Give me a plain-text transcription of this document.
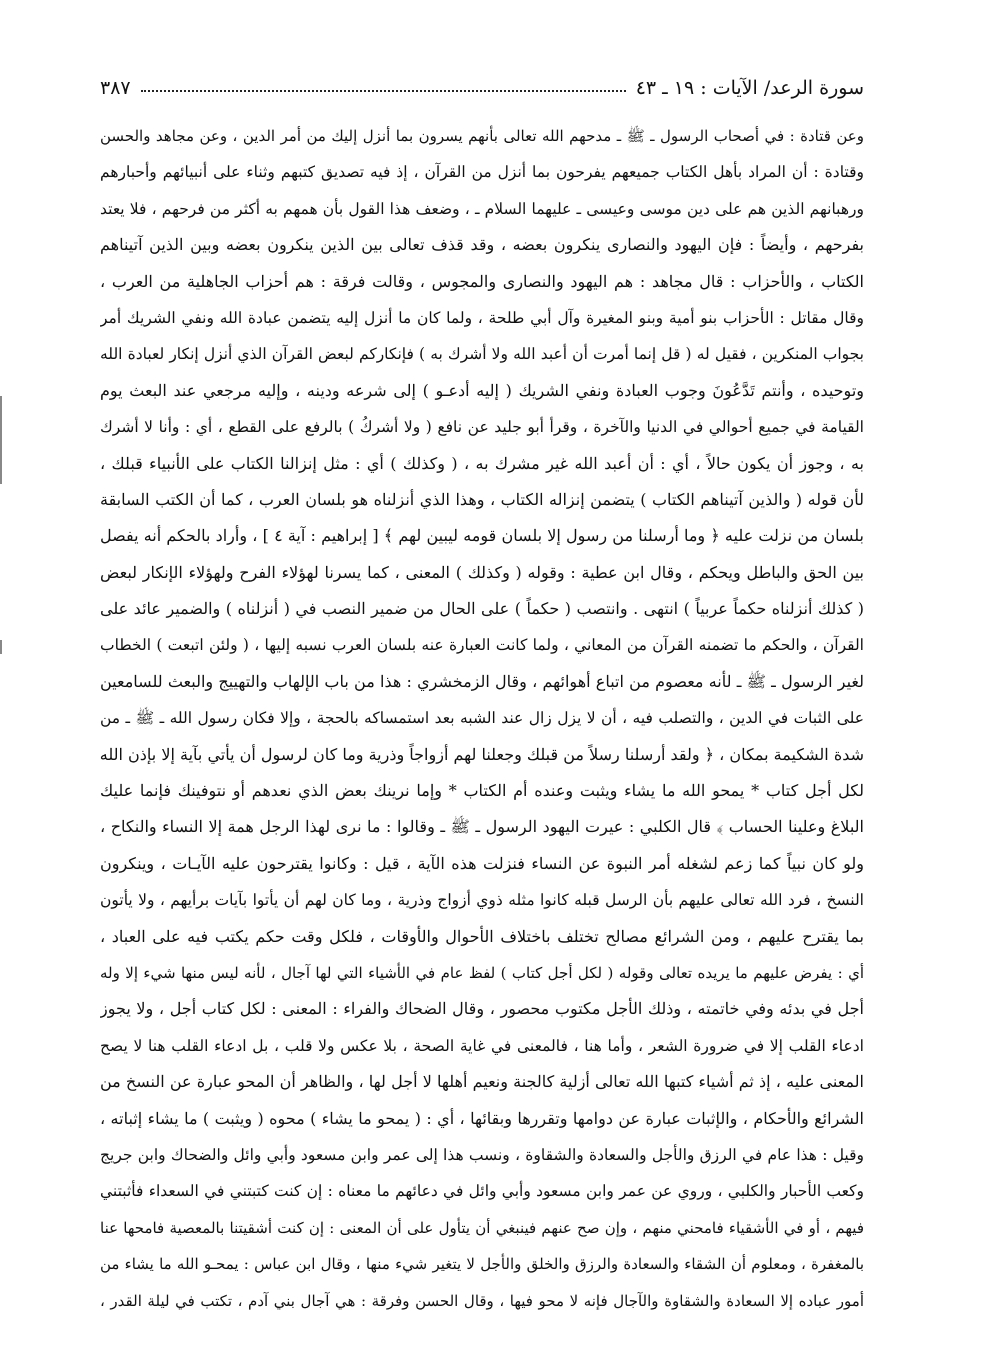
سورة الرعد/ الآيات : ١٩ ـ ٤٣
٣٨٧
وعن قتادة : في أصحاب الرسول ـ ﷺ ـ مدحهم الله تعالى بأنهم يسرون بما أنزل إليك من أمر الدين ، وعن مجاهد والحسن
وقتادة : أن المراد بأهل الكتاب جميعهم يفرحون بما أنزل من القرآن ، إذ فيه تصديق كتبهم وثناء على أنبيائهم وأحبارهم
ورهبانهم الذين هم على دين موسى وعيسى ـ عليهما السلام ـ ، وضعف هذا القول بأن همهم به أكثر من فرحهم ، فلا يعتد
بفرحهم ، وأيضاً : فإن اليهود والنصارى ينكرون بعضه ، وقد قذف تعالى بين الذين ينكرون بعضه وبين الذين آتيناهم
الكتاب ، والأحزاب : قال مجاهد : هم اليهود والنصارى والمجوس ، وقالت فرقة : هم أحزاب الجاهلية من العرب ،
وقال مقاتل : الأحزاب بنو أمية وبنو المغيرة وآل أبي طلحة ، ولما كان ما أنزل إليه يتضمن عبادة الله ونفي الشريك أمر
بجواب المنكرين ، فقيل له ( قل إنما أمرت أن أعبد الله ولا أشرك به ) فإنكاركم لبعض القرآن الذي أنزل إنكار لعبادة الله
وتوحيده ، وأنتم تَدَّعُونَ وجوب العبادة ونفي الشريك ( إليه أدعـو ) إلى شرعه ودينه ، وإليه مرجعي عند البعث يوم
القيامة في جميع أحوالي في الدنيا والآخرة ، وقرأ أبو جليد عن نافع ( ولا أشركُ ) بالرفع على القطع ، أي : وأنا لا أشرك
به ، وجوز أن يكون حالاً ، أي : أن أعبد الله غير مشرك به ، ( وكذلك ) أي : مثل إنزالنا الكتاب على الأنبياء قبلك ،
لأن قوله ( والذين آتيناهم الكتاب ) يتضمن إنزاله الكتاب ، وهذا الذي أنزلناه هو بلسان العرب ، كما أن الكتب السابقة
بلسان من نزلت عليه ﴿ وما أرسلنا من رسول إلا بلسان قومه ليبين لهم ﴾ [ إبراهيم : آية ٤ ] ، وأراد بالحكم أنه يفصل
بين الحق والباطل ويحكم ، وقال ابن عطية : وقوله ( وكذلك ) المعنى ، كما يسرنا لهؤلاء الفرح ولهؤلاء الإنكار لبعض
( كذلك أنزلناه حكماً عربياً ) انتهى . وانتصب ( حكماً ) على الحال من ضمير النصب في ( أنزلناه ) والضمير عائد على
القرآن ، والحكم ما تضمنه القرآن من المعاني ، ولما كانت العبارة عنه بلسان العرب نسبه إليها ، ( ولئن اتبعت ) الخطاب
لغير الرسول ـ ﷺ ـ لأنه معصوم من اتباع أهوائهم ، وقال الزمخشري : هذا من باب الإلهاب والتهييج والبعث للسامعين
على الثبات في الدين ، والتصلب فيه ، أن لا يزل زال عند الشبه بعد استمساكه بالحجة ، وإلا فكان رسول الله ـ ﷺ ـ من
شدة الشكيمة بمكان ، ﴿ ولقد أرسلنا رسلاً من قبلك وجعلنا لهم أزواجاً وذرية وما كان لرسول أن يأتي بآية إلا بإذن الله
لكل أجل كتاب * يمحو الله ما يشاء ويثبت وعنده أم الكتاب * وإما نرينك بعض الذي نعدهم أو نتوفينك فإنما عليك
البلاغ وعلينا الحساب ﴾ قال الكلبي : عيرت اليهود الرسول ـ ﷺ ـ وقالوا : ما نرى لهذا الرجل همة إلا النساء والنكاح ،
ولو كان نبياً كما زعم لشغله أمر النبوة عن النساء فنزلت هذه الآية ، قيل : وكانوا يقترحون عليه الآيـات ، وينكرون
النسخ ، فرد الله تعالى عليهم بأن الرسل قبله كانوا مثله ذوي أزواج وذرية ، وما كان لهم أن يأتوا بآيات برأيهم ، ولا يأتون
بما يقترح عليهم ، ومن الشرائع مصالح تختلف باختلاف الأحوال والأوقات ، فلكل وقت حكم يكتب فيه على العباد ،
أي : يفرض عليهم ما يريده تعالى وقوله ( لكل أجل كتاب ) لفظ عام في الأشياء التي لها آجال ، لأنه ليس منها شيء إلا وله
أجل في بدئه وفي خاتمته ، وذلك الأجل مكتوب محصور ، وقال الضحاك والفراء : المعنى : لكل كتاب أجل ، ولا يجوز
ادعاء القلب إلا في ضرورة الشعر ، وأما هنا ، فالمعنى في غاية الصحة ، بلا عكس ولا قلب ، بل ادعاء القلب هنا لا يصح
المعنى عليه ، إذ ثم أشياء كتبها الله تعالى أزلية كالجنة ونعيم أهلها لا أجل لها ، والظاهر أن المحو عبارة عن النسخ من
الشرائع والأحكام ، والإثبات عبارة عن دوامها وتقررها وبقائها ، أي : ( يمحو ما يشاء ) محوه ( ويثبت ) ما يشاء إثباته ،
وقيل : هذا عام في الرزق والأجل والسعادة والشقاوة ، ونسب هذا إلى عمر وابن مسعود وأبي وائل والضحاك وابن جريج
وكعب الأحبار والكلبي ، وروي عن عمر وابن مسعود وأبي وائل في دعائهم ما معناه : إن كنت كتبتني في السعداء فأثبتني
فيهم ، أو في الأشقياء فامحني منهم ، وإن صح عنهم فينبغي أن يتأول على أن المعنى : إن كنت أشقيتنا بالمعصية فامحها عنا
بالمغفرة ، ومعلوم أن الشقاء والسعادة والرزق والخلق والأجل لا يتغير شيء منها ، وقال ابن عباس : يمحـو الله ما يشاء من
أمور عباده إلا السعادة والشقاوة والآجال فإنه لا محو فيها ، وقال الحسن وفرقة : هي آجال بني آدم ، تكتب في ليلة القدر ،
